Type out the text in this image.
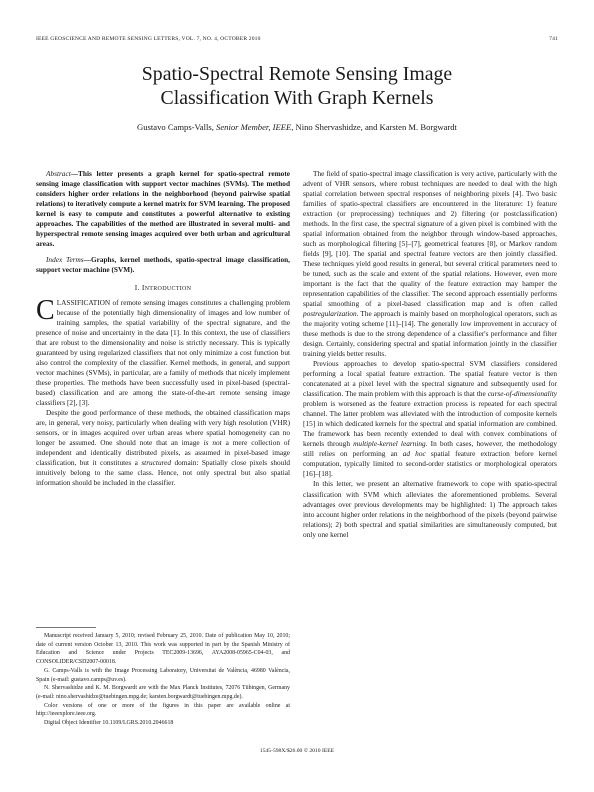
IEEE GEOSCIENCE AND REMOTE SENSING LETTERS, VOL. 7, NO. 4, OCTOBER 2010	741
Spatio-Spectral Remote Sensing Image
Classification With Graph Kernels
Gustavo Camps-Valls, Senior Member, IEEE, Nino Shervashidze, and Karsten M. Borgwardt

Abstract—This letter presents a graph kernel for spatio-spectral remote sensing image classification with support vector machines (SVMs). The method considers higher order relations in the neighborhood (beyond pairwise spatial relations) to iteratively compute a kernel matrix for SVM learning. The proposed kernel is easy to compute and constitutes a powerful alternative to existing approaches. The capabilities of the method are illustrated in several multi- and hyperspectral remote sensing images acquired over both urban and agricultural areas.

Index Terms—Graphs, kernel methods, spatio-spectral image classification, support vector machine (SVM).

I. INTRODUCTION

CLASSIFICATION of remote sensing images constitutes a challenging problem because of the potentially high dimensionality of images and low number of training samples, the spatial variability of the spectral signature, and the presence of noise and uncertainty in the data [1]. In this context, the use of classifiers that are robust to the dimensionality and noise is strictly necessary. This is typically guaranteed by using regularized classifiers that not only minimize a cost function but also control the complexity of the classifier. Kernel methods, in general, and support vector machines (SVMs), in particular, are a family of methods that nicely implement these properties. The methods have been successfully used in pixel-based (spectral-based) classification and are among the state-of-the-art remote sensing image classifiers [2], [3].

Despite the good performance of these methods, the obtained classification maps are, in general, very noisy, particularly when dealing with very high resolution (VHR) sensors, or in images acquired over urban areas where spatial homogeneity can no longer be assumed. One should note that an image is not a mere collection of independent and identically distributed pixels, as assumed in pixel-based image classification, but it constitutes a structured domain: Spatially close pixels should intuitively belong to the same class. Hence, not only spectral but also spatial information should be included in the classifier.

Manuscript received January 5, 2010; revised February 25, 2010. Date of publication May 10, 2010; date of current version October 13, 2010. This work was supported in part by the Spanish Ministry of Education and Science under Projects TEC2009-13696, AYA2008-05965-C04-03, and CONSOLIDER/CSD2007-00018.

G. Camps-Valls is with the Image Processing Laboratory, Universitat de València, 46980 València, Spain (e-mail: gustavo.camps@uv.es).

N. Shervashidze and K. M. Borgwardt are with the Max Planck Institutes, 72076 Tübingen, Germany (e-mail: nino.shervashidze@tuebingen.mpg.de; karsten.borgwardt@tuebingen.mpg.de).

Color versions of one or more of the figures in this paper are available online at http://ieeexplore.ieee.org.

Digital Object Identifier 10.1109/LGRS.2010.2046618

The field of spatio-spectral image classification is very active, particularly with the advent of VHR sensors, where robust techniques are needed to deal with the high spatial correlation between spectral responses of neighboring pixels [4]. Two basic families of spatio-spectral classifiers are encountered in the literature: 1) feature extraction (or preprocessing) techniques and 2) filtering (or postclassification) methods. In the first case, the spectral signature of a given pixel is combined with the spatial information obtained from the neighbor through window-based approaches, such as morphological filtering [5]–[7], geometrical features [8], or Markov random fields [9], [10]. The spatial and spectral feature vectors are then jointly classified. These techniques yield good results in general, but several critical parameters need to be tuned, such as the scale and extent of the spatial relations. However, even more important is the fact that the quality of the feature extraction may hamper the representation capabilities of the classifier. The second approach essentially performs spatial smoothing of a pixel-based classification map and is often called postregularization. The approach is mainly based on morphological operators, such as the majority voting scheme [11]–[14]. The generally low improvement in accuracy of these methods is due to the strong dependence of a classifier's performance and filter design. Certainly, considering spectral and spatial information jointly in the classifier training yields better results.

Previous approaches to develop spatio-spectral SVM classifiers considered performing a local spatial feature extraction. The spatial feature vector is then concatenated at a pixel level with the spectral signature and subsequently used for classification. The main problem with this approach is that the curse-of-dimensionality problem is worsened as the feature extraction process is repeated for each spectral channel. The latter problem was alleviated with the introduction of composite kernels [15] in which dedicated kernels for the spectral and spatial information are combined. The framework has been recently extended to deal with convex combinations of kernels through multiple-kernel learning. In both cases, however, the methodology still relies on performing an ad hoc spatial feature extraction before kernel computation, typically limited to second-order statistics or morphological operators [16]–[18].

In this letter, we present an alternative framework to cope with spatio-spectral classification with SVM which alleviates the aforementioned problems. Several advantages over previous developments may be highlighted: 1) The approach takes into account higher order relations in the neighborhood of the pixels (beyond pairwise relations); 2) both spectral and spatial similarities are simultaneously computed, but only one kernel

1545-598X/$26.00 © 2010 IEEE
